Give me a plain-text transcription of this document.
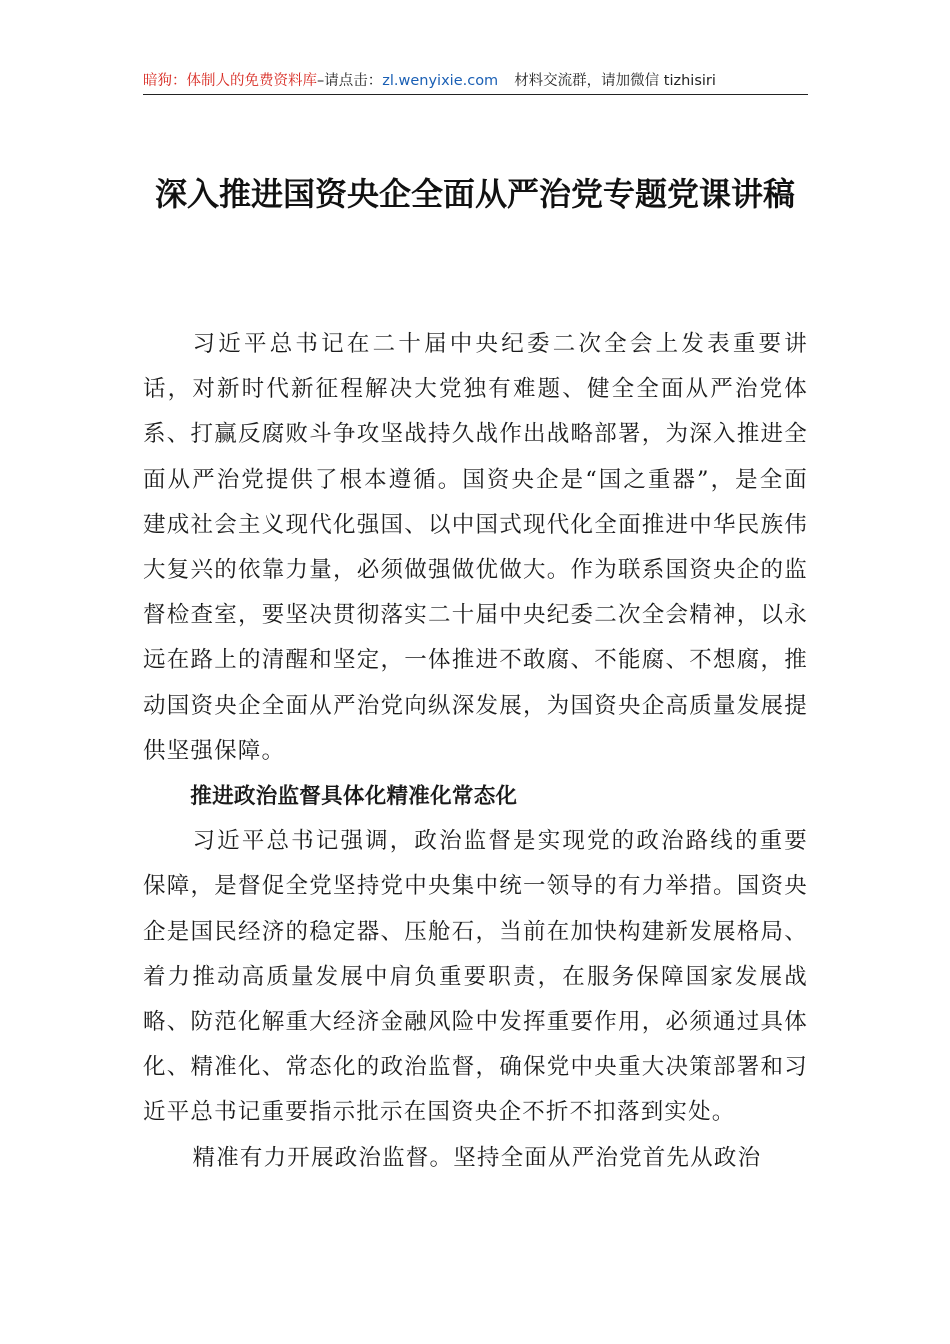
暗狗：体制人的免费资料库–请点击：zl.wenyixie.com 材料交流群，请加微信 tizhisiri
深入推进国资央企全面从严治党专题党课讲稿

习近平总书记在二十届中央纪委二次全会上发表重要讲话，对新时代新征程解决大党独有难题、健全全面从严治党体系、打赢反腐败斗争攻坚战持久战作出战略部署，为深入推进全面从严治党提供了根本遵循。国资央企是“国之重器”，是全面建成社会主义现代化强国、以中国式现代化全面推进中华民族伟大复兴的依靠力量，必须做强做优做大。作为联系国资央企的监督检查室，要坚决贯彻落实二十届中央纪委二次全会精神，以永远在路上的清醒和坚定，一体推进不敢腐、不能腐、不想腐，推动国资央企全面从严治党向纵深发展，为国资央企高质量发展提供坚强保障。

推进政治监督具体化精准化常态化

习近平总书记强调，政治监督是实现党的政治路线的重要保障，是督促全党坚持党中央集中统一领导的有力举措。国资央企是国民经济的稳定器、压舱石，当前在加快构建新发展格局、着力推动高质量发展中肩负重要职责，在服务保障国家发展战略、防范化解重大经济金融风险中发挥重要作用，必须通过具体化、精准化、常态化的政治监督，确保党中央重大决策部署和习近平总书记重要指示批示在国资央企不折不扣落到实处。

精准有力开展政治监督。坚持全面从严治党首先从政治
